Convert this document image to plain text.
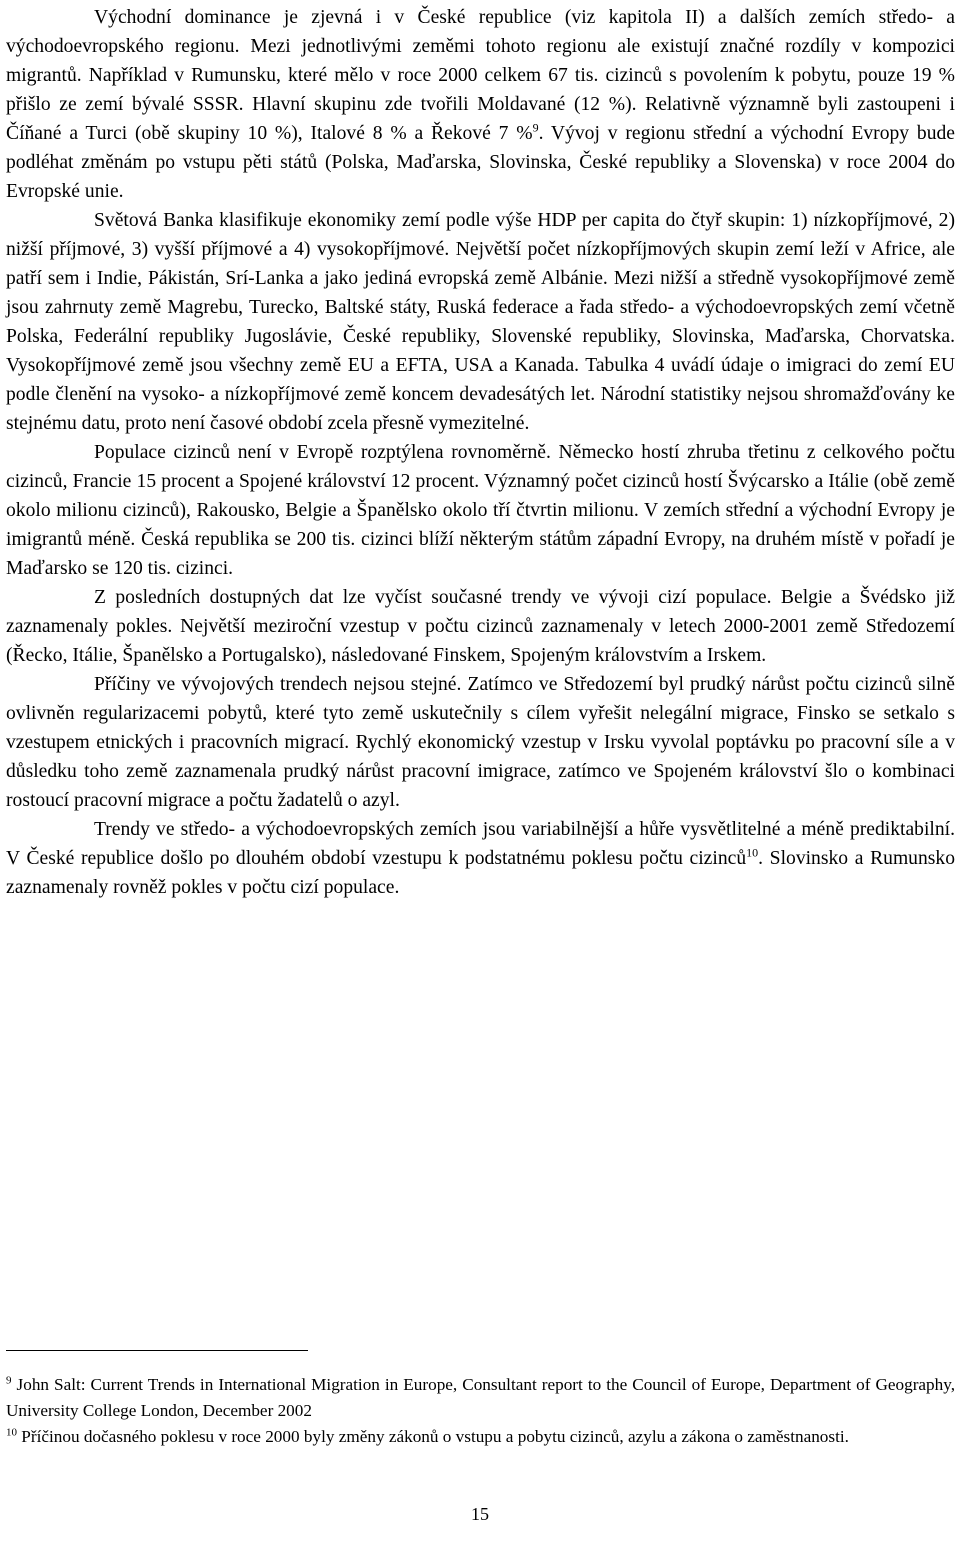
Východní dominance je zjevná i v České republice (viz kapitola II) a dalších zemích středo- a východoevropského regionu. Mezi jednotlivými zeměmi tohoto regionu ale existují značné rozdíly v kompozici migrantů. Například v Rumunsku, které mělo v roce 2000 celkem 67 tis. cizinců s povolením k pobytu, pouze 19 % přišlo ze zemí bývalé SSSR. Hlavní skupinu zde tvořili Moldavané (12 %). Relativně významně byli zastoupeni i Číňané a Turci (obě skupiny 10 %), Italové 8 % a Řekové 7 %$^9$. Vývoj v regionu střední a východní Evropy bude podléhat změnám po vstupu pěti států (Polska, Maďarska, Slovinska, České republiky a Slovenska) v roce 2004 do Evropské unie.

Světová Banka klasifikuje ekonomiky zemí podle výše HDP per capita do čtyř skupin: 1) nízkopříjmové, 2) nižší příjmové, 3) vyšší příjmové a 4) vysokopříjmové. Největší počet nízkopříjmových skupin zemí leží v Africe, ale patří sem i Indie, Pákistán, Srí-Lanka a jako jediná evropská země Albánie. Mezi nižší a středně vysokopříjmové země jsou zahrnuty země Magrebu, Turecko, Baltské státy, Ruská federace a řada středo- a východoevropských zemí včetně Polska, Federální republiky Jugoslávie, České republiky, Slovenské republiky, Slovinska, Maďarska, Chorvatska. Vysokopříjmové země jsou všechny země EU a EFTA, USA a Kanada. Tabulka 4 uvádí údaje o imigraci do zemí EU podle členění na vysoko- a nízkopříjmové země koncem devadesátých let. Národní statistiky nejsou shromažďovány ke stejnému datu, proto není časové období zcela přesně vymezitelné.

Populace cizinců není v Evropě rozptýlena rovnoměrně. Německo hostí zhruba třetinu z celkového počtu cizinců, Francie 15 procent a Spojené království 12 procent. Významný počet cizinců hostí Švýcarsko a Itálie (obě země okolo milionu cizinců), Rakousko, Belgie a Španělsko okolo tří čtvrtin milionu. V zemích střední a východní Evropy je imigrantů méně. Česká republika se 200 tis. cizinci blíží některým státům západní Evropy, na druhém místě v pořadí je Maďarsko se 120 tis. cizinci.

Z posledních dostupných dat lze vyčíst současné trendy ve vývoji cizí populace. Belgie a Švédsko již zaznamenaly pokles. Největší meziroční vzestup v počtu cizinců zaznamenaly v letech 2000-2001 země Středozemí (Řecko, Itálie, Španělsko a Portugalsko), následované Finskem, Spojeným královstvím a Irskem.

Příčiny ve vývojových trendech nejsou stejné. Zatímco ve Středozemí byl prudký nárůst počtu cizinců silně ovlivněn regularizacemi pobytů, které tyto země uskutečnily s cílem vyřešit nelegální migrace, Finsko se setkalo s vzestupem etnických i pracovních migrací. Rychlý ekonomický vzestup v Irsku vyvolal poptávku po pracovní síle a v důsledku toho země zaznamenala prudký nárůst pracovní imigrace, zatímco ve Spojeném království šlo o kombinaci rostoucí pracovní migrace a počtu žadatelů o azyl.

Trendy ve středo- a východoevropských zemích jsou variabilnější a hůře vysvětlitelné a méně prediktabilní. V České republice došlo po dlouhém období vzestupu k podstatnému poklesu počtu cizinců$^{10}$. Slovinsko a Rumunsko zaznamenaly rovněž pokles v počtu cizí populace.

$^9$ John Salt: Current Trends in International Migration in Europe, Consultant report to the Council of Europe, Department of Geography, University College London, December 2002

$^{10}$ Příčinou dočasného poklesu v roce 2000 byly změny zákonů o vstupu a pobytu cizinců, azylu a zákona o zaměstnanosti.

15
